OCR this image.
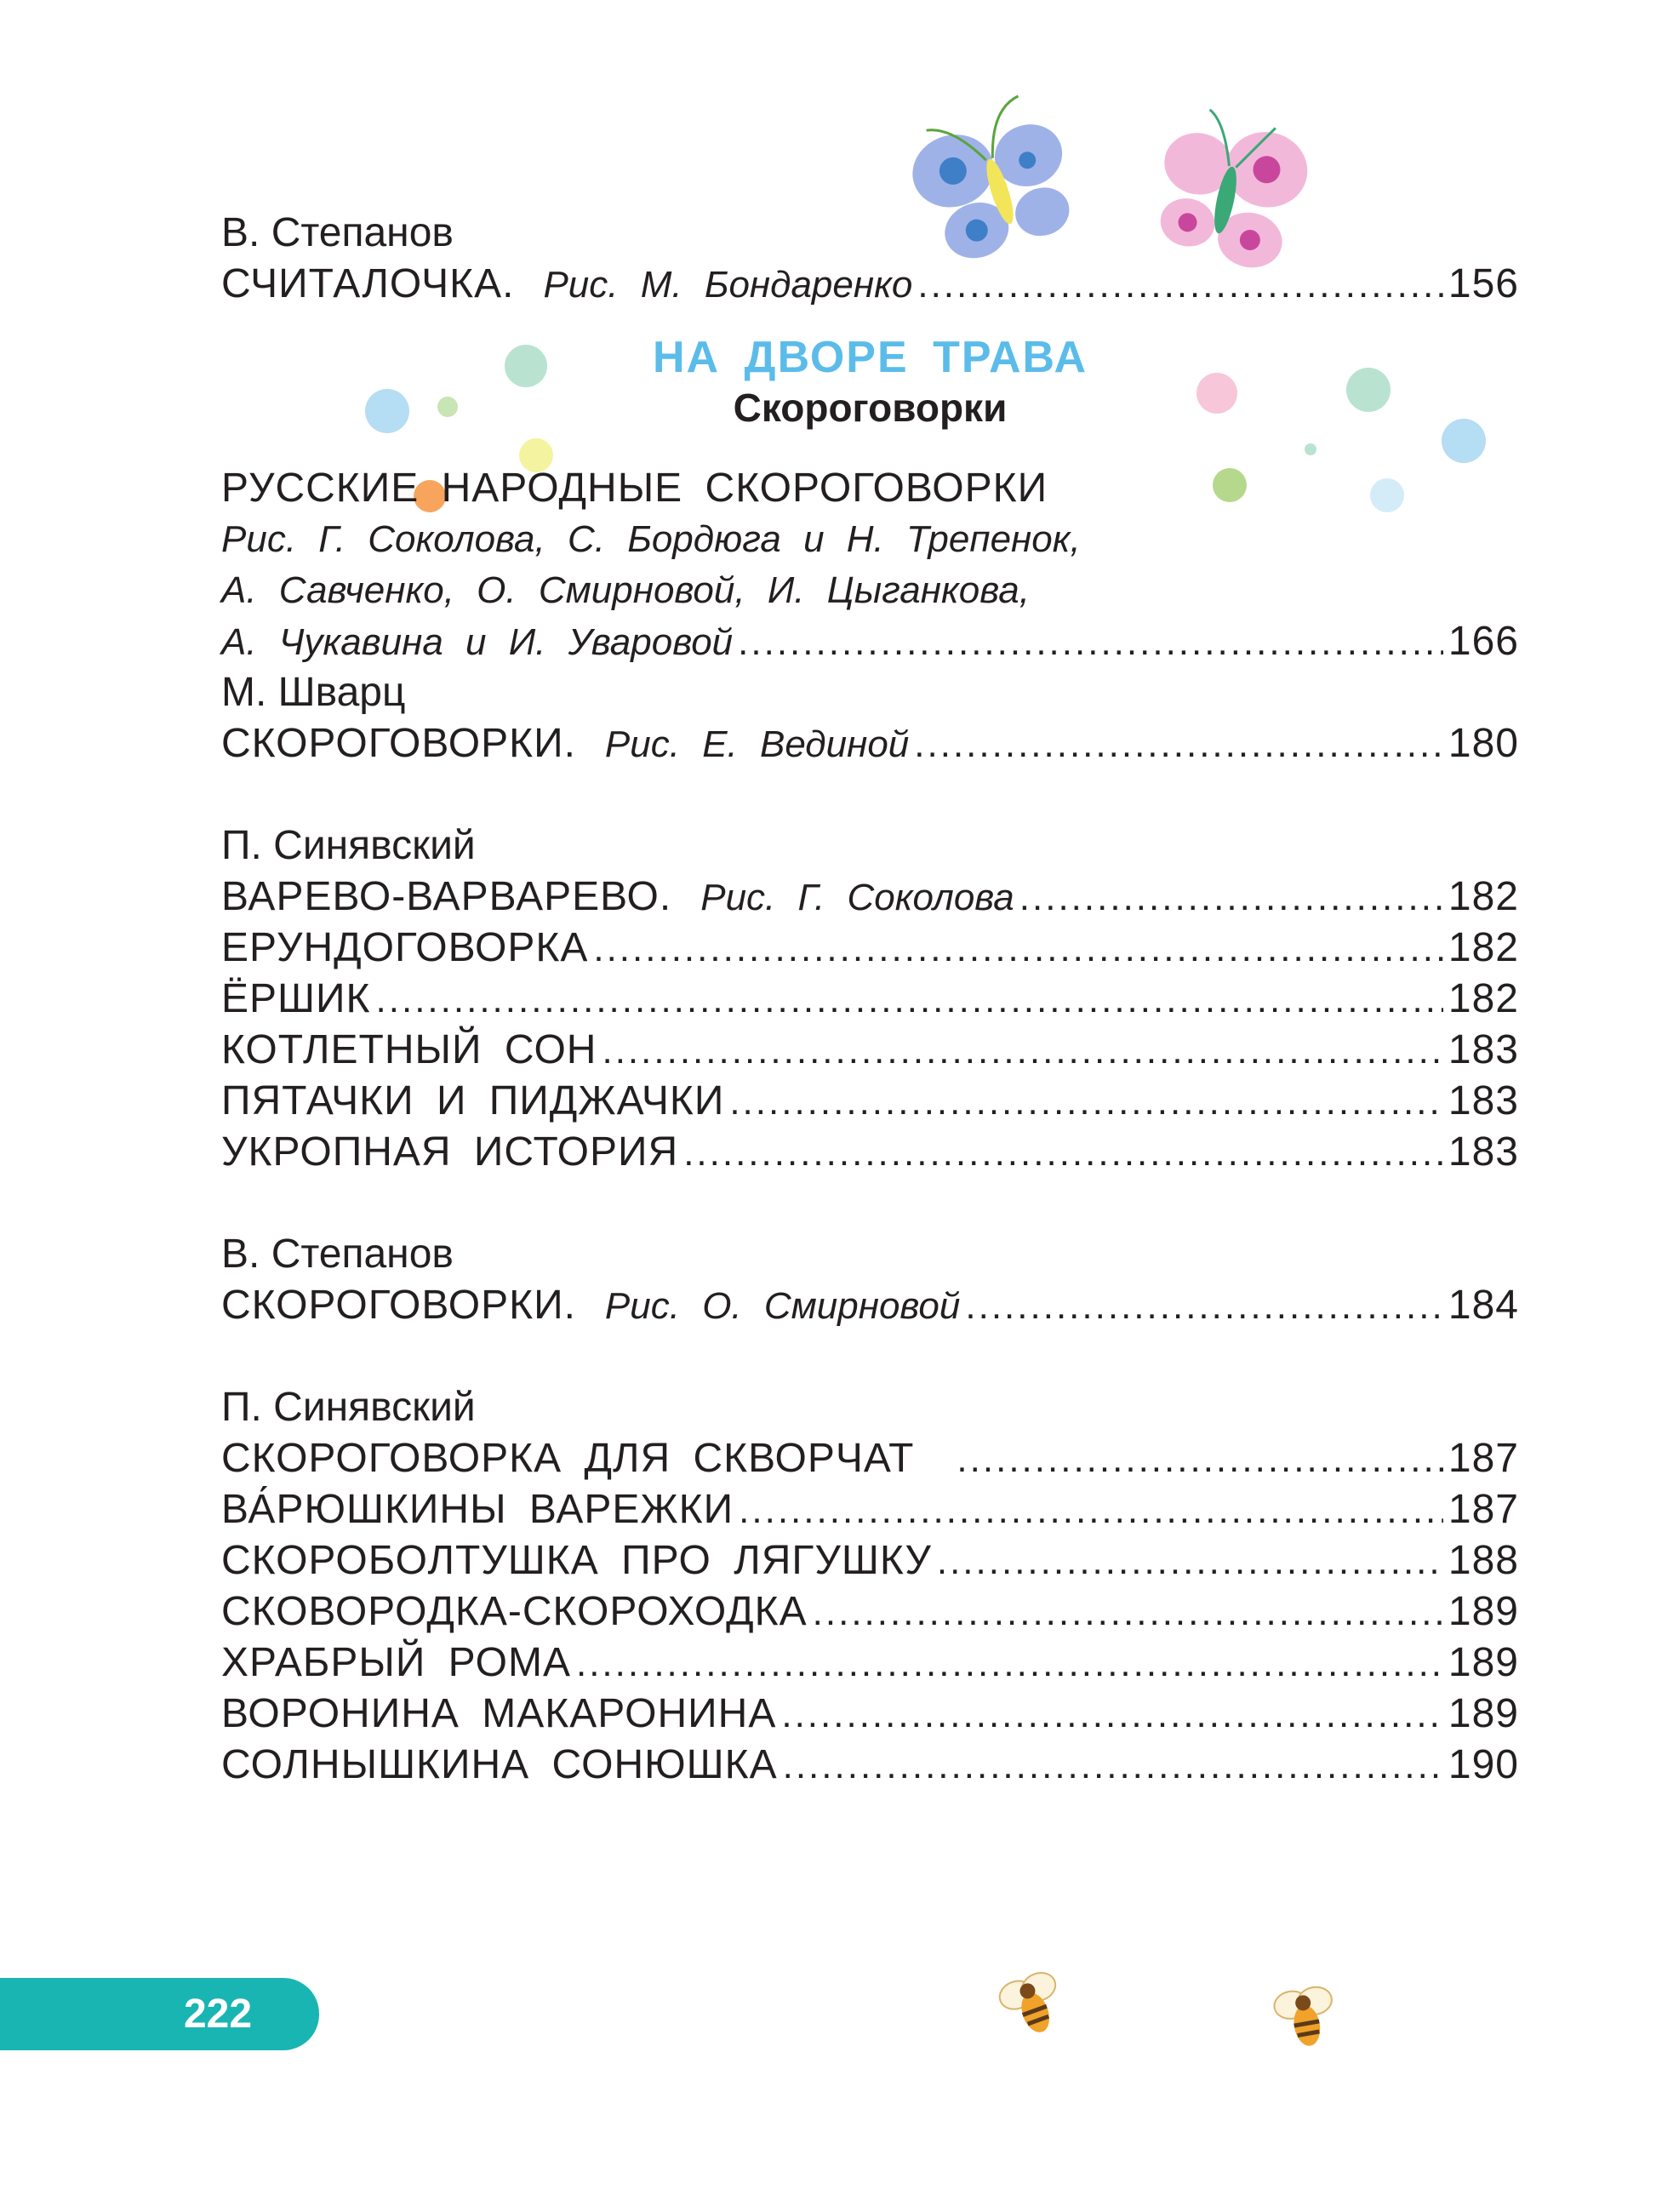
В. Степанов
СЧИТАЛОЧКА. Рис. М. Бондаренко .....	156
НА ДВОРЕ ТРАВА
Скороговорки
РУССКИЕ НАРОДНЫЕ СКОРОГОВОРКИ
Рис. Г. Соколова, С. Бордюга и Н. Трепенок,
А. Савченко, О. Смирновой, И. Цыганкова,
А. Чукавина и И. Уваровой .....	166
М. Шварц
СКОРОГОВОРКИ. Рис. Е. Вединой .....	180
П. Синявский
ВАРЕВО-ВАРВАРЕВО. Рис. Г. Соколова .....	182
ЕРУНДОГОВОРКА .....	182
ЁРШИК .....	182
КОТЛЕТНЫЙ СОН .....	183
ПЯТАЧКИ И ПИДЖАЧКИ .....	183
УКРОПНАЯ ИСТОРИЯ .....	183
В. Степанов
СКОРОГОВОРКИ. Рис. О. Смирновой .....	184
П. Синявский
СКОРОГОВОРКА ДЛЯ СКВОРЧАТ .....	187
ВА́РЮШКИНЫ ВАРЕЖКИ .....	187
СКОРОБОЛТУШКА ПРО ЛЯГУШКУ .....	188
СКОВОРОДКА-СКОРОХОДКА .....	189
ХРАБРЫЙ РОМА .....	189
ВОРОНИНА МАКАРОНИНА .....	189
СОЛНЫШКИНА СОНЮШКА .....	190
222
